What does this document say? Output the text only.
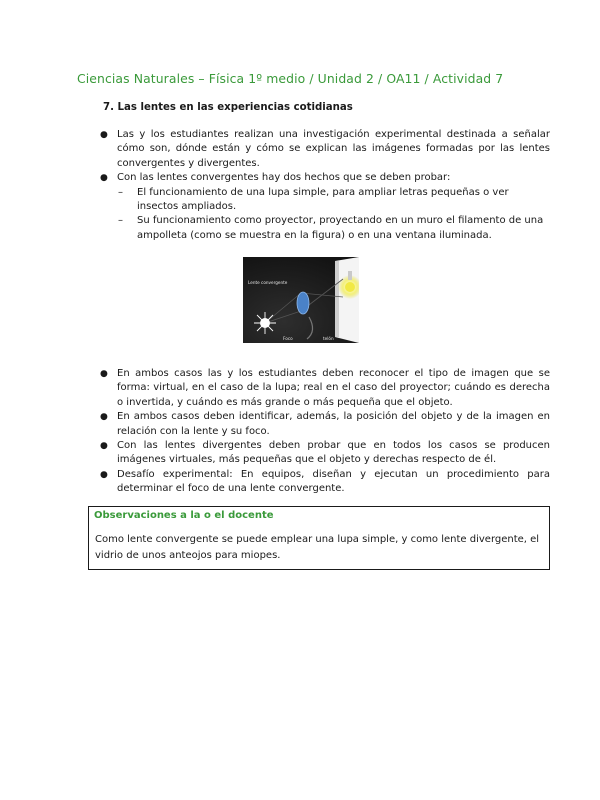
Ciencias Naturales – Física 1º medio / Unidad 2 / OA11 / Actividad 7
7. Las lentes en las experiencias cotidianas
● Las y los estudiantes realizan una investigación experimental destinada a señalar cómo son, dónde están y cómo se explican las imágenes formadas por las lentes convergentes y divergentes.
● Con las lentes convergentes hay dos hechos que se deben probar:
– El funcionamiento de una lupa simple, para ampliar letras pequeñas o ver insectos ampliados.
– Su funcionamiento como proyector, proyectando en un muro el filamento de una ampolleta (como se muestra en la figura) o en una ventana iluminada.
Lente convergente
Foco	telón
● En ambos casos las y los estudiantes deben reconocer el tipo de imagen que se forma: virtual, en el caso de la lupa; real en el caso del proyector; cuándo es derecha o invertida, y cuándo es más grande o más pequeña que el objeto.
● En ambos casos deben identificar, además, la posición del objeto y de la imagen en relación con la lente y su foco.
● Con las lentes divergentes deben probar que en todos los casos se producen imágenes virtuales, más pequeñas que el objeto y derechas respecto de él.
● Desafío experimental: En equipos, diseñan y ejecutan un procedimiento para determinar el foco de una lente convergente.
Observaciones a la o el docente
Como lente convergente se puede emplear una lupa simple, y como lente divergente, el vidrio de unos anteojos para miopes.
